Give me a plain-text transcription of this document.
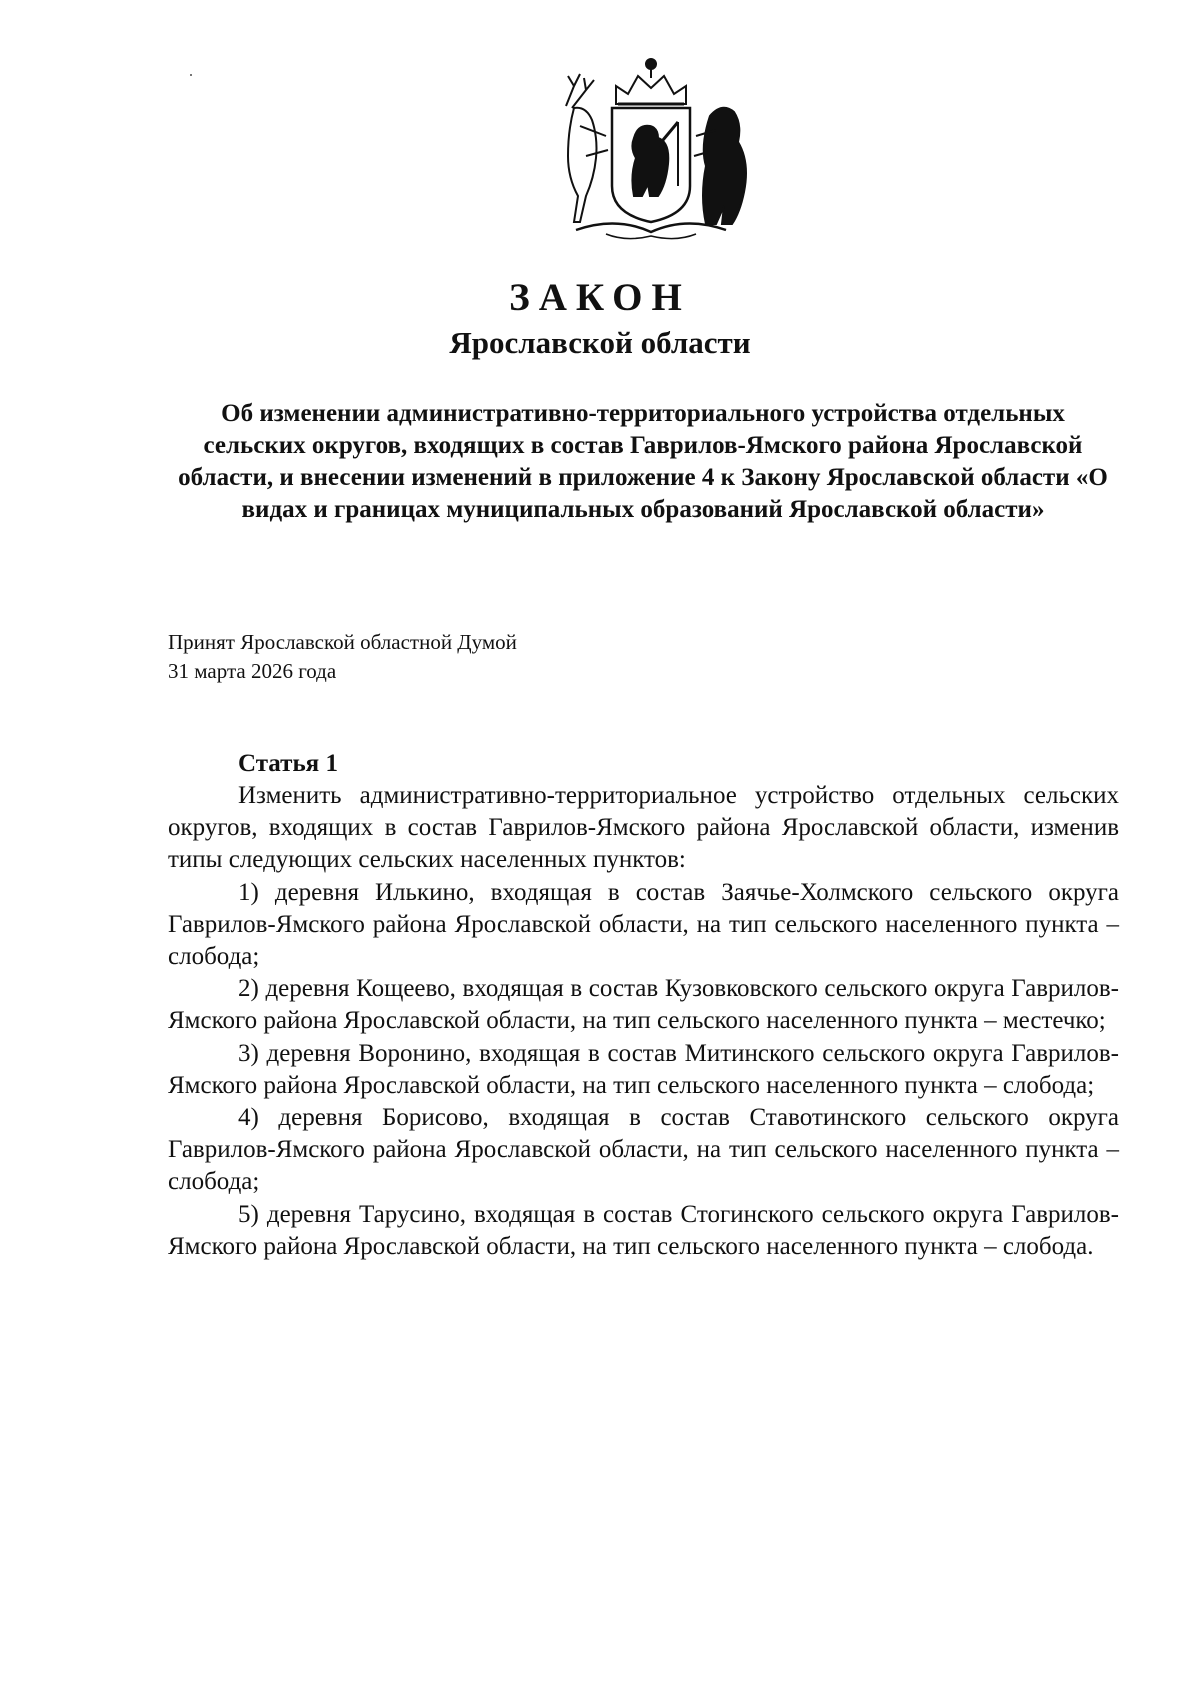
ЗАКОН
Ярославской области
Об изменении административно-территориального устройства отдельных сельских округов, входящих в состав Гаврилов-Ямского района Ярославской области, и внесении изменений в приложение 4 к Закону Ярославской области «О видах и границах муниципальных образований Ярославской области»
Принят Ярославской областной Думой
31 марта 2026 года
Статья 1

Изменить административно-территориальное устройство отдельных сельских округов, входящих в состав Гаврилов-Ямского района Ярославской области, изменив типы следующих сельских населенных пунктов:

1) деревня Илькино, входящая в состав Заячье-Холмского сельского округа Гаврилов-Ямского района Ярославской области, на тип сельского населенного пункта – слобода;

2) деревня Кощеево, входящая в состав Кузовковского сельского округа Гаврилов-Ямского района Ярославской области, на тип сельского населенного пункта – местечко;

3) деревня Воронино, входящая в состав Митинского сельского округа Гаврилов-Ямского района Ярославской области, на тип сельского населенного пункта – слобода;

4) деревня Борисово, входящая в состав Ставотинского сельского округа Гаврилов-Ямского района Ярославской области, на тип сельского населенного пункта – слобода;

5) деревня Тарусино, входящая в состав Стогинского сельского округа Гаврилов-Ямского района Ярославской области, на тип сельского населенного пункта – слобода.
